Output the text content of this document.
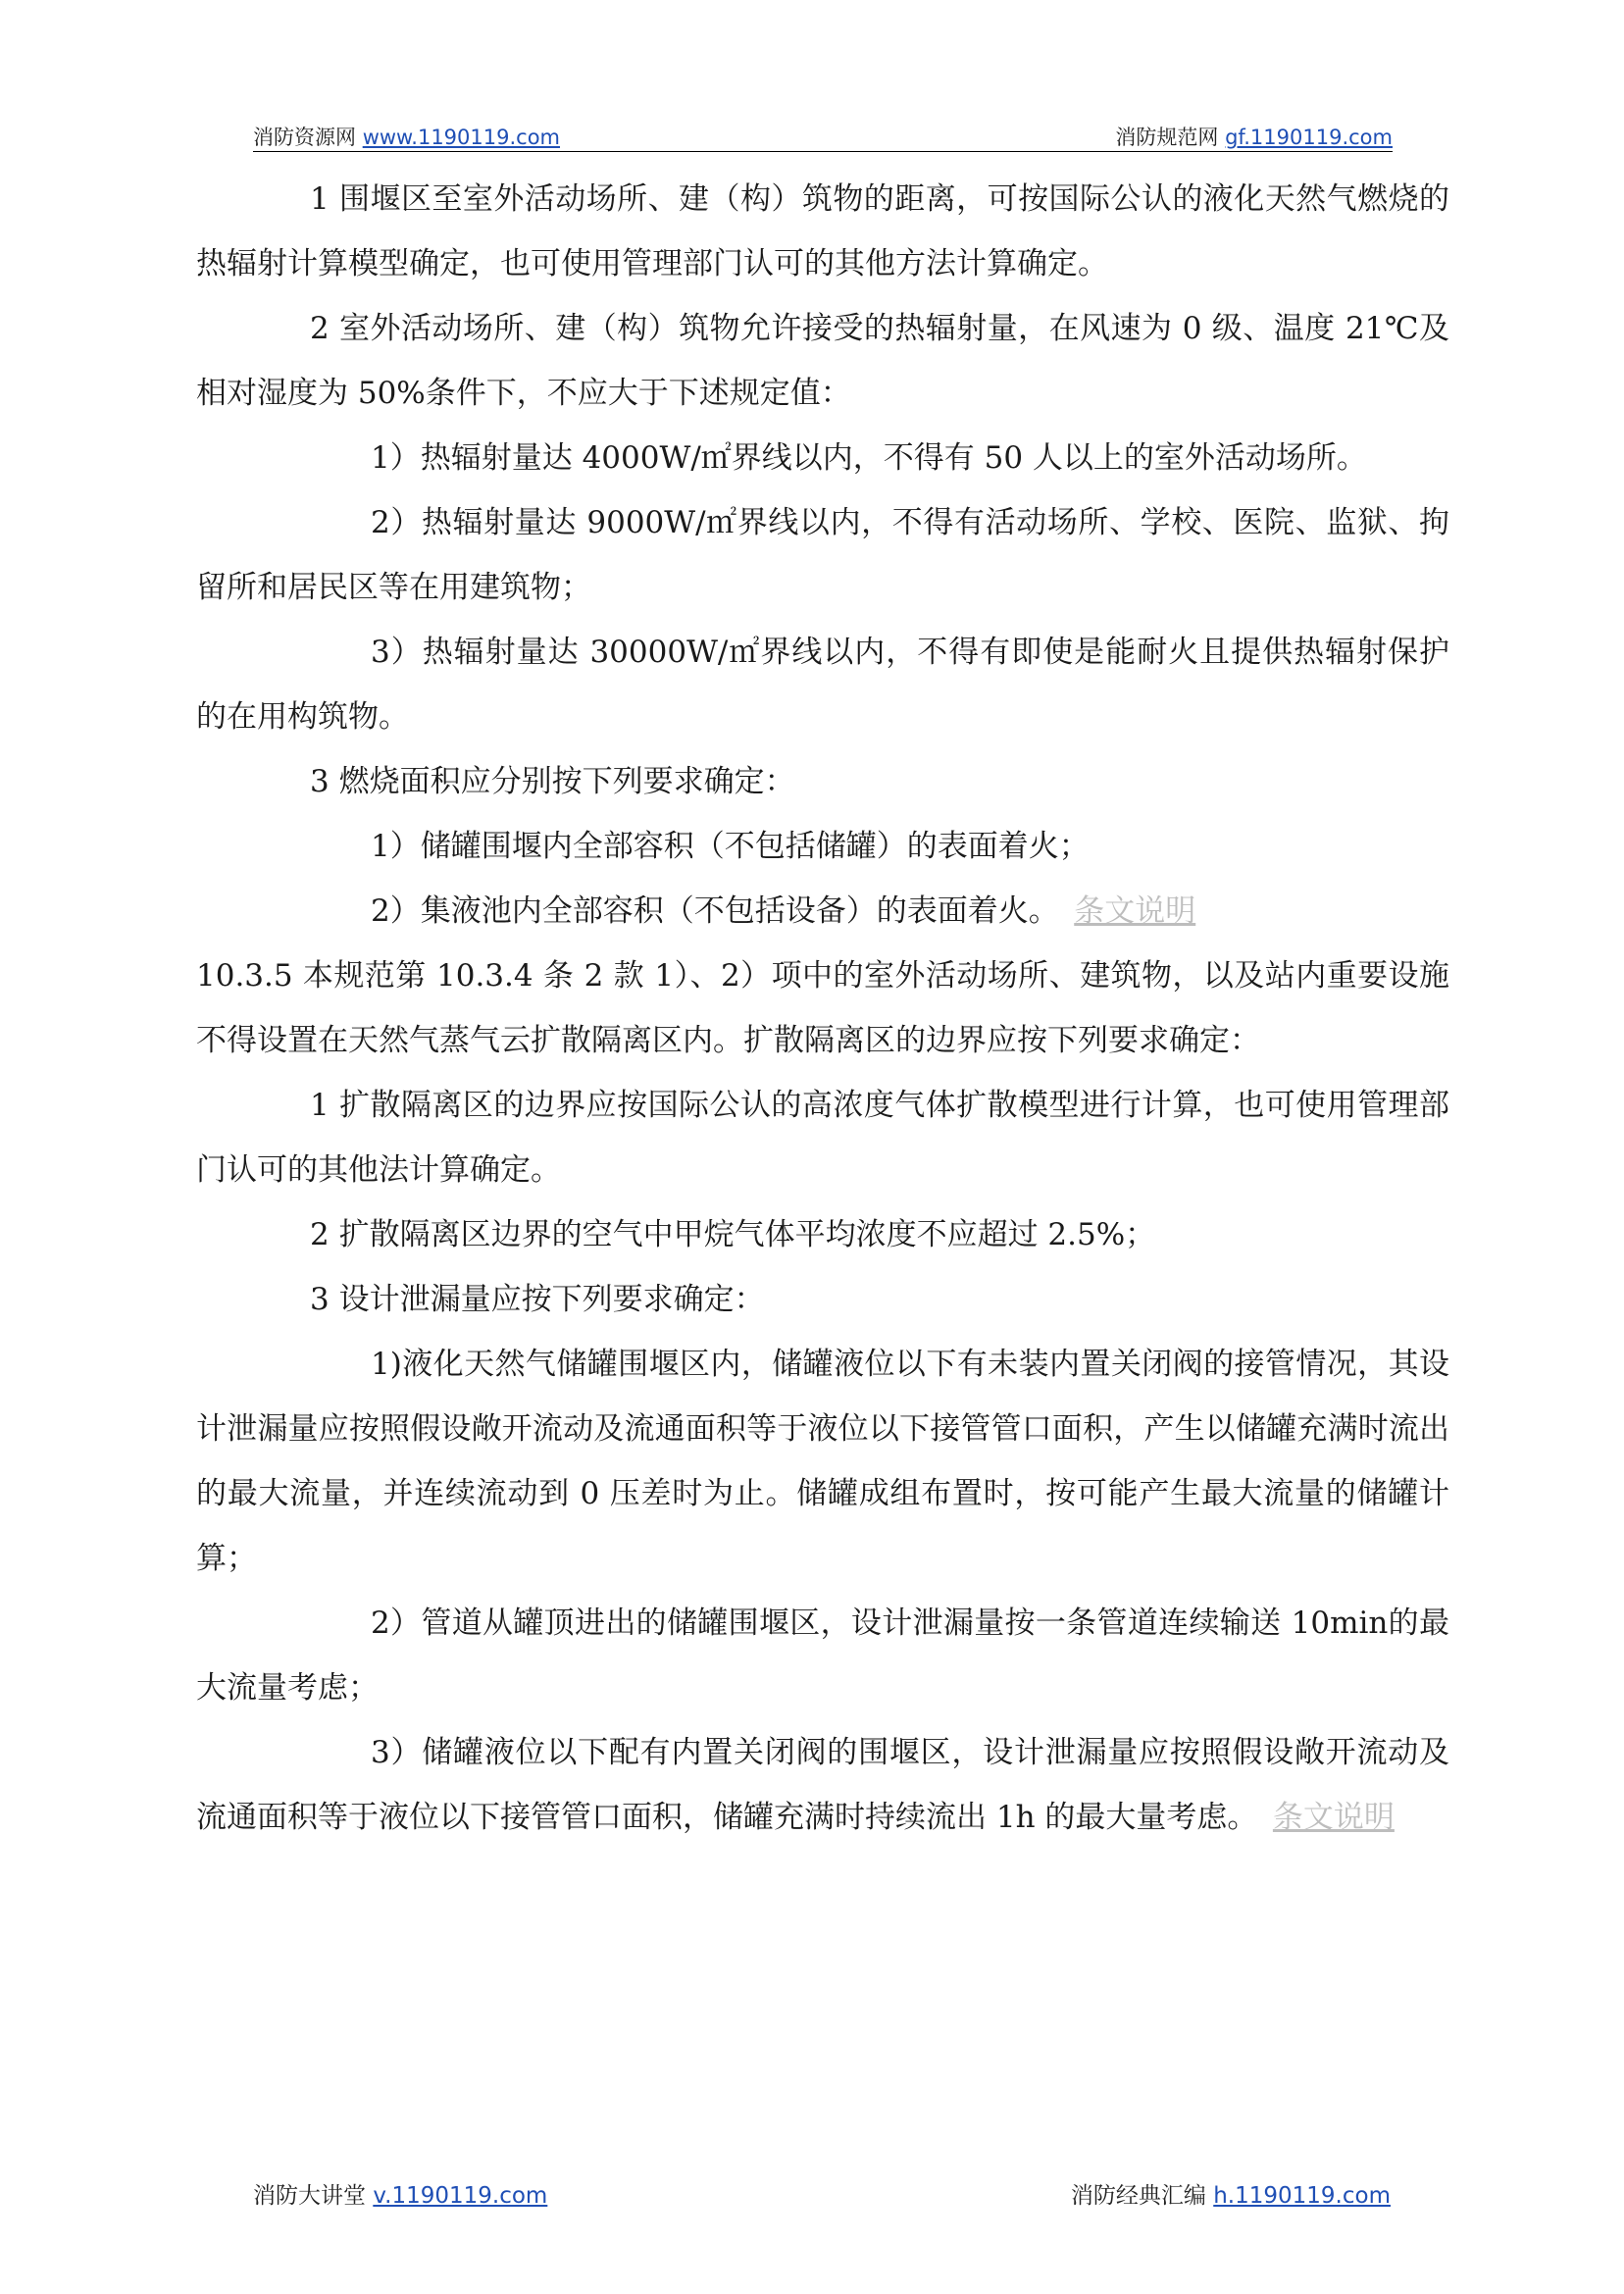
消防资源网 www.1190119.com	消防规范网 gf.1190119.com

1 围堰区至室外活动场所、建（构）筑物的距离，可按国际公认的液化天然气燃烧的热辐射计算模型确定，也可使用管理部门认可的其他方法计算确定。

2 室外活动场所、建（构）筑物允许接受的热辐射量，在风速为 0 级、温度 21℃及相对湿度为 50%条件下，不应大于下述规定值：

1）热辐射量达 4000W/㎡界线以内，不得有 50 人以上的室外活动场所。

2）热辐射量达 9000W/㎡界线以内，不得有活动场所、学校、医院、监狱、拘留所和居民区等在用建筑物；

3）热辐射量达 30000W/㎡界线以内，不得有即使是能耐火且提供热辐射保护的在用构筑物。

3 燃烧面积应分别按下列要求确定：

1）储罐围堰内全部容积（不包括储罐）的表面着火；

2）集液池内全部容积（不包括设备）的表面着火。　 条文说明

10.3.5 本规范第 10.3.4 条 2 款 1）、2）项中的室外活动场所、建筑物，以及站内重要设施不得设置在天然气蒸气云扩散隔离区内。扩散隔离区的边界应按下列要求确定：

1 扩散隔离区的边界应按国际公认的高浓度气体扩散模型进行计算，也可使用管理部门认可的其他法计算确定。

2 扩散隔离区边界的空气中甲烷气体平均浓度不应超过 2.5%；

3 设计泄漏量应按下列要求确定：

1)液化天然气储罐围堰区内，储罐液位以下有未装内置关闭阀的接管情况，其设计泄漏量应按照假设敞开流动及流通面积等于液位以下接管管口面积，产生以储罐充满时流出的最大流量，并连续流动到 0 压差时为止。储罐成组布置时，按可能产生最大流量的储罐计算；

2）管道从罐顶进出的储罐围堰区，设计泄漏量按一条管道连续输送 10min的最大流量考虑；

3）储罐液位以下配有内置关闭阀的围堰区，设计泄漏量应按照假设敞开流动及流通面积等于液位以下接管管口面积，储罐充满时持续流出 1h 的最大量考虑。　 条文说明

消防大讲堂 v.1190119.com	消防经典汇编 h.1190119.com
